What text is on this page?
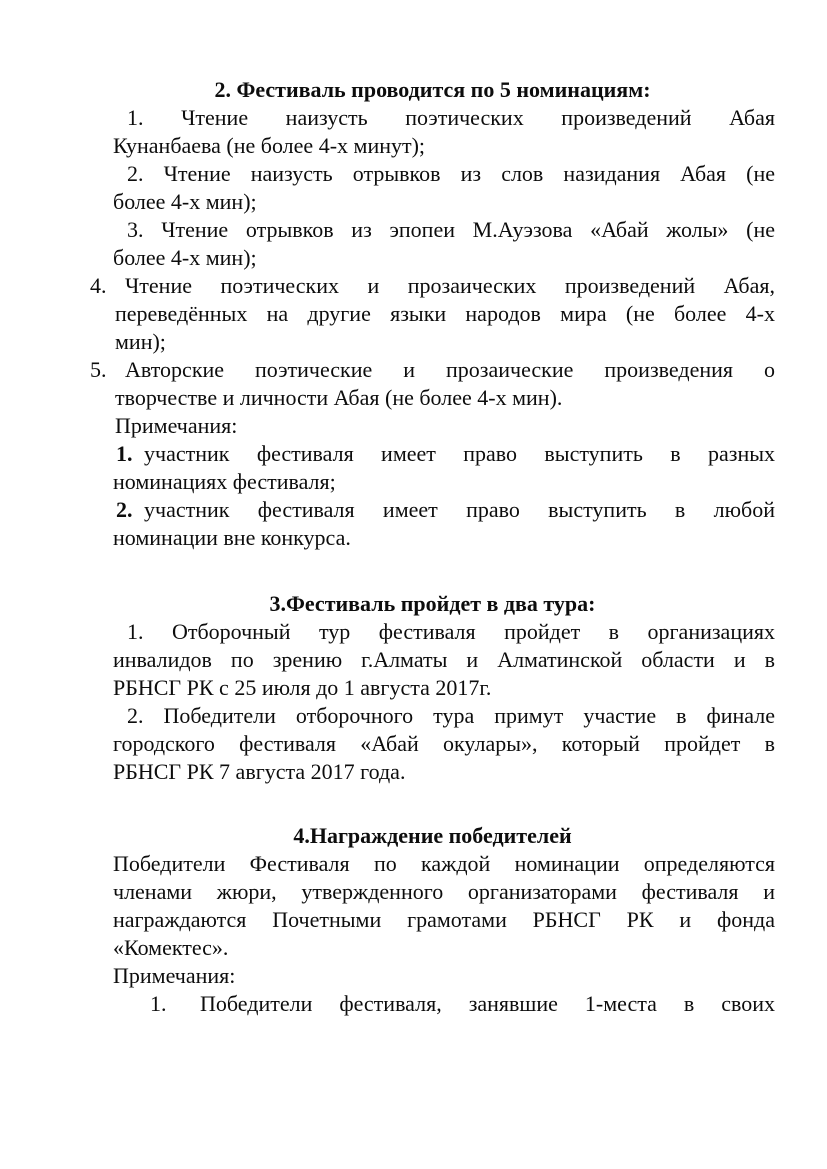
2. Фестиваль проводится по 5 номинациям:
1. Чтение наизусть поэтических произведений Абая
Кунанбаева (не более 4-х минут);
2. Чтение наизусть отрывков из слов назидания Абая (не
более 4-х мин);
3. Чтение отрывков из эпопеи М.Ауэзова «Абай жолы» (не
более 4-х мин);
4. Чтение поэтических и прозаических произведений Абая,
переведённых на другие языки народов мира (не более 4-х
мин);
5. Авторские поэтические и прозаические произведения о
творчестве и личности Абая (не более 4-х мин).
Примечания:
1. участник фестиваля имеет право выступить в разных
номинациях фестиваля;
2. участник фестиваля имеет право выступить в любой
номинации вне конкурса.
3.Фестиваль пройдет в два тура:
1. Отборочный тур фестиваля пройдет в организациях
инвалидов по зрению г.Алматы и Алматинской области и в
РБНСГ РК с 25 июля до 1 августа 2017г.
2. Победители отборочного тура примут участие в финале
городского фестиваля «Абай окулары», который пройдет в
РБНСГ РК 7 августа 2017 года.
4.Награждение победителей
Победители Фестиваля по каждой номинации определяются
членами жюри, утвержденного организаторами фестиваля и
награждаются Почетными грамотами РБНСГ РК и фонда
«Комектес».
Примечания:
1.	Победители фестиваля, занявшие 1-места в своих
